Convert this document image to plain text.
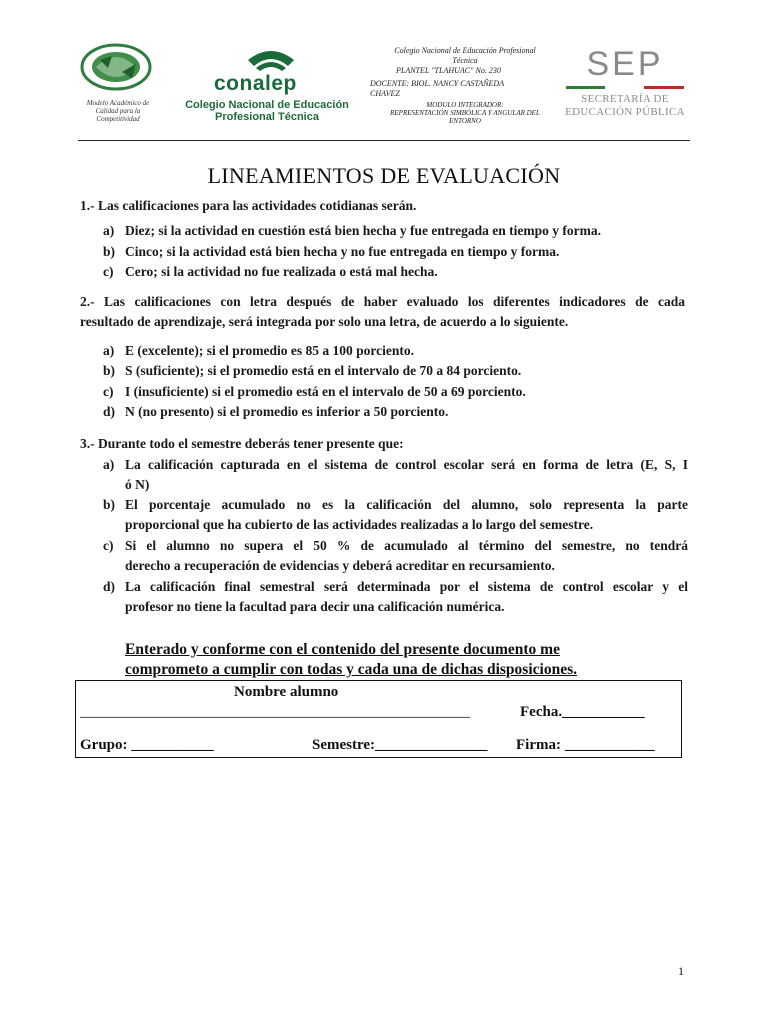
Modelo Académico de
Calidad para la
Competitividad
conalep
Colegio Nacional de Educación
Profesional Técnica
Colegio Nacional de Educación Profesional
Técnica
PLANTEL "TLAHUAC" No. 230
DOCENTE: BIOL. NANCY CASTAÑEDA
CHAVEZ
MODULO INTEGRADOR:
REPRESENTACIÓN SIMBÓLICA Y ANGULAR DEL
ENTORNO
SEP
SECRETARÍA DE
EDUCACIÓN PÚBLICA
LINEAMIENTOS DE EVALUACIÓN
1.- Las calificaciones para las actividades cotidianas serán.
a) Diez; si la actividad en cuestión está bien hecha y fue entregada en tiempo y forma.
b) Cinco; si la actividad está bien hecha y no fue entregada en tiempo y forma.
c) Cero; si la actividad no fue realizada o está mal hecha.
2.- Las calificaciones con letra después de haber evaluado los diferentes indicadores de cada
resultado de aprendizaje, será integrada por solo una letra, de acuerdo a lo siguiente.
a) E (excelente); si el promedio es 85 a 100 porciento.
b) S (suficiente); si el promedio está en el intervalo de 70 a 84 porciento.
c) I (insuficiente) si el promedio está en el intervalo de 50 a 69 porciento.
d) N (no presento) si el promedio es inferior a 50 porciento.
3.- Durante todo el semestre deberás tener presente que:
a) La calificación capturada en el sistema de control escolar será en forma de letra (E, S, I
ó N)
b) El porcentaje acumulado no es la calificación del alumno, solo representa la parte
proporcional que ha cubierto de las actividades realizadas a lo largo del semestre.
c) Si el alumno no supera el 50 % de acumulado al término del semestre, no tendrá
derecho a recuperación de evidencias y deberá acreditar en recursamiento.
d) La calificación final semestral será determinada por el sistema de control escolar y el
profesor no tiene la facultad para decir una calificación numérica.
Enterado y conforme con el contenido del presente documento me
comprometo a cumplir con todas y cada una de dichas disposiciones.
Nombre alumno
____________________________________________________	Fecha.___________
Grupo: ___________	Semestre:_______________ Firma: ____________
1
